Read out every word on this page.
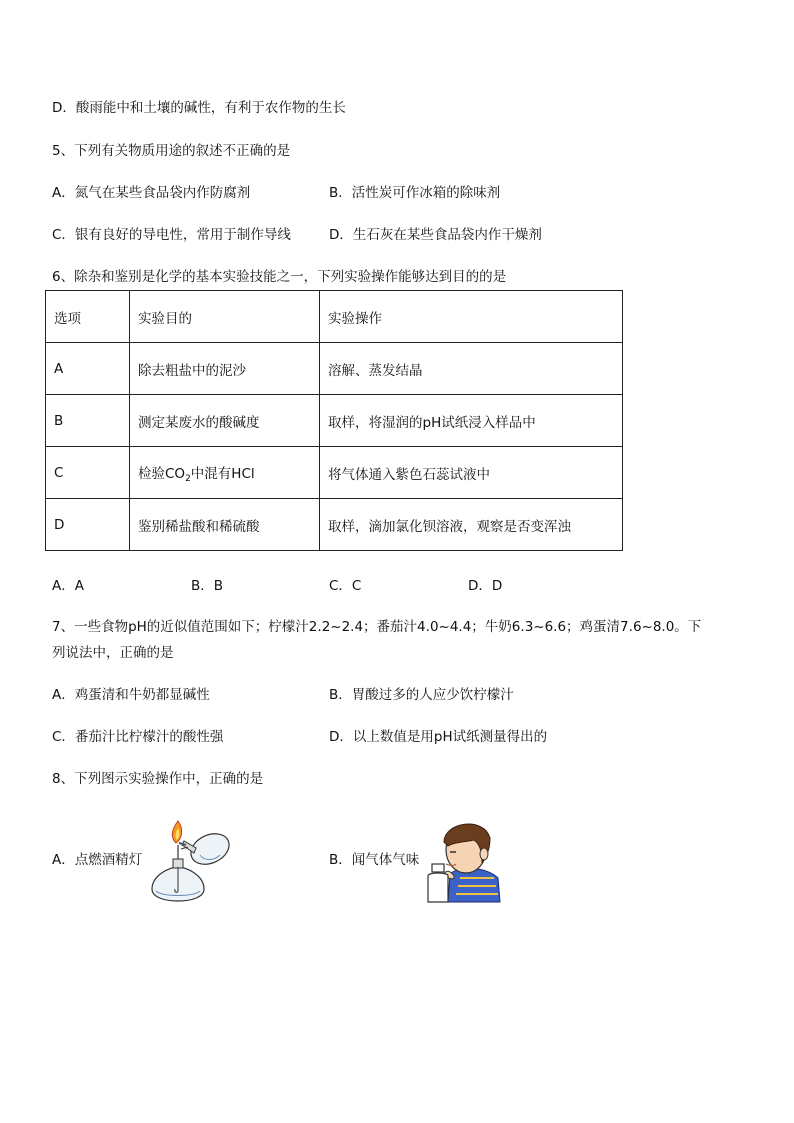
D．酸雨能中和土壤的碱性，有利于农作物的生长
5、下列有关物质用途的叙述不正确的是
A．氮气在某些食品袋内作防腐剂	B．活性炭可作冰箱的除味剂
C．银有良好的导电性，常用于制作导线	D．生石灰在某些食品袋内作干燥剂
6、除杂和鉴别是化学的基本实验技能之一，下列实验操作能够达到目的的是
选项	实验目的	实验操作
A	除去粗盐中的泥沙	溶解、蒸发结晶
B	测定某废水的酸碱度	取样，将湿润的pH试纸浸入样品中
C	检验$CO_2$中混有HCl	将气体通入紫色石蕊试液中
D	鉴别稀盐酸和稀硫酸	取样，滴加氯化钡溶液，观察是否变浑浊
A．A	B．B	C．C	D．D
7、一些食物pH的近似值范围如下；柠檬汁2.2~2.4；番茄汁4.0~4.4；牛奶6.3~6.6；鸡蛋清7.6~8.0。下
列说法中，正确的是
A．鸡蛋清和牛奶都显碱性	B．胃酸过多的人应少饮柠檬汁
C．番茄汁比柠檬汁的酸性强	D．以上数值是用pH试纸测量得出的
8、下列图示实验操作中，正确的是
A．点燃酒精灯	B．闻气体气味
